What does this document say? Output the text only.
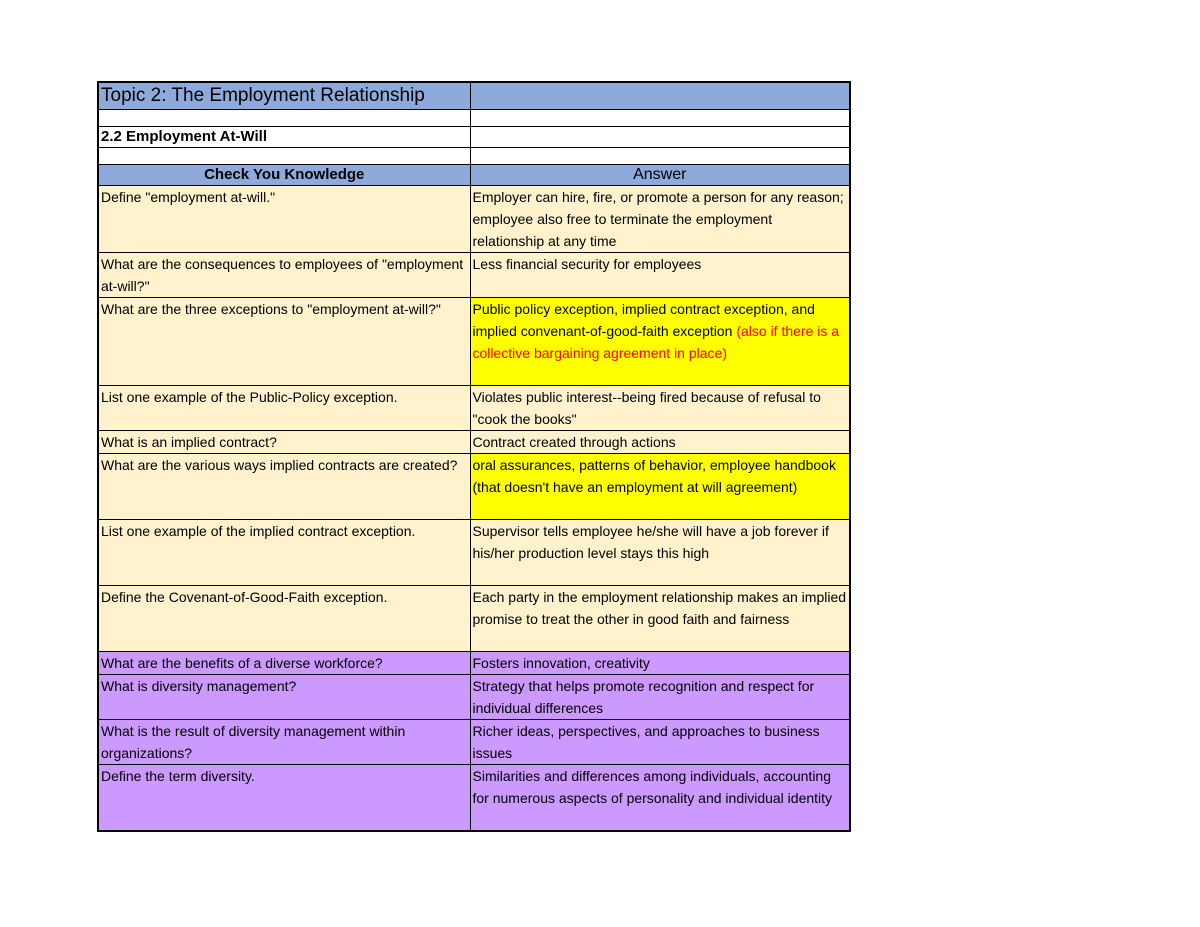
Topic 2: The Employment Relationship	

2.2 Employment At-Will	

Check You Knowledge	Answer
Define "employment at-will."	Employer can hire, fire, or promote a person for any reason; employee also free to terminate the employment relationship at any time
What are the consequences to employees of "employment at-will?"	Less financial security for employees
What are the three exceptions to "employment at-will?"	Public policy exception, implied contract exception, and implied convenant-of-good-faith exception (also if there is a collective bargaining agreement in place)
List one example of the Public-Policy exception.	Violates public interest--being fired because of refusal to "cook the books"
What is an implied contract?	Contract created through actions
What are the various ways implied contracts are created?	oral assurances, patterns of behavior, employee handbook (that doesn't have an employment at will agreement)
List one example of the implied contract exception.	Supervisor tells employee he/she will have a job forever if his/her production level stays this high
Define the Covenant-of-Good-Faith exception.	Each party in the employment relationship makes an implied promise to treat the other in good faith and fairness
What are the benefits of a diverse workforce?	Fosters innovation, creativity
What is diversity management?	Strategy that helps promote recognition and respect for individual differences
What is the result of diversity management within organizations?	Richer ideas, perspectives, and approaches to business issues
Define the term diversity.	Similarities and differences among individuals, accounting for numerous aspects of personality and individual identity
